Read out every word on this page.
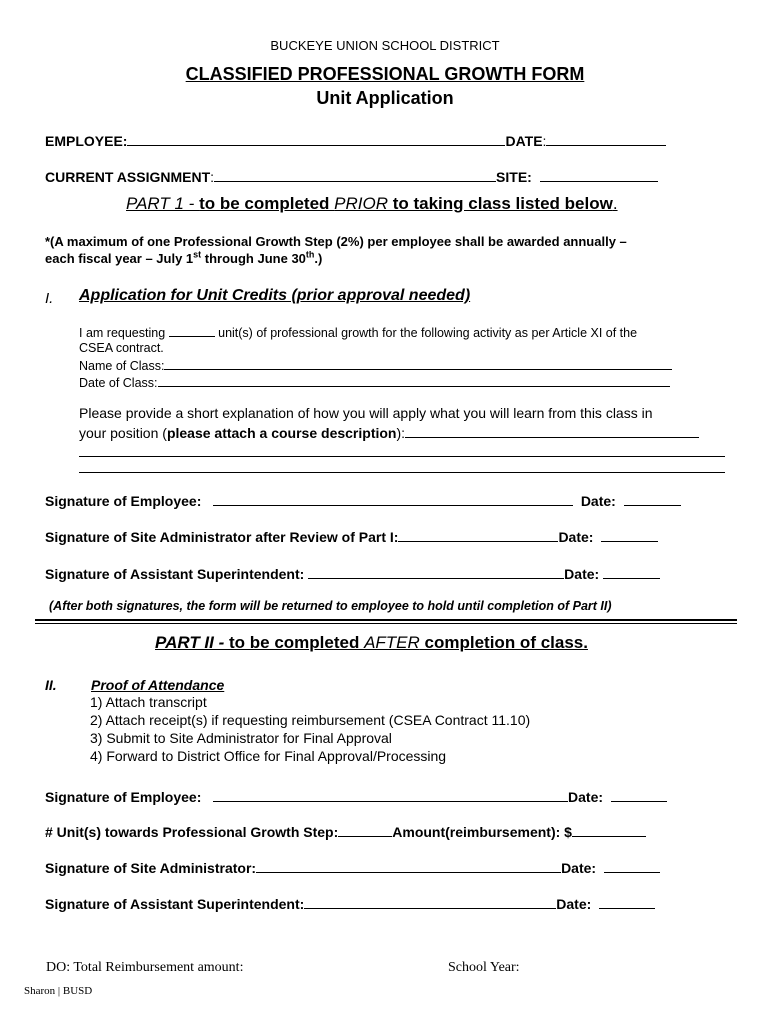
BUCKEYE UNION SCHOOL DISTRICT
CLASSIFIED PROFESSIONAL GROWTH FORM
Unit Application
EMPLOYEE:	DATE:
CURRENT ASSIGNMENT:	SITE:
PART 1 - to be completed PRIOR to taking class listed below.
*(A maximum of one Professional Growth Step (2%) per employee shall be awarded annually –
each fiscal year – July 1st through June 30th.)
I. Application for Unit Credits (prior approval needed)
I am requesting	unit(s) of professional growth for the following activity as per Article XI of the
CSEA contract.
Name of Class:
Date of Class:
Please provide a short explanation of how you will apply what you will learn from this class in
your position (please attach a course description):
Signature of Employee:	Date:
Signature of Site Administrator after Review of Part I:	Date:
Signature of Assistant Superintendent:	Date:
(After both signatures, the form will be returned to employee to hold until completion of Part II)
PART II - to be completed AFTER completion of class.
II. Proof of Attendance
1) Attach transcript
2) Attach receipt(s) if requesting reimbursement (CSEA Contract 11.10)
3) Submit to Site Administrator for Final Approval
4) Forward to District Office for Final Approval/Processing
Signature of Employee:	Date:
# Unit(s) towards Professional Growth Step:	Amount(reimbursement): $
Signature of Site Administrator:	Date:
Signature of Assistant Superintendent:	Date:
DO: Total Reimbursement amount:	School Year:
Sharon | BUSD
